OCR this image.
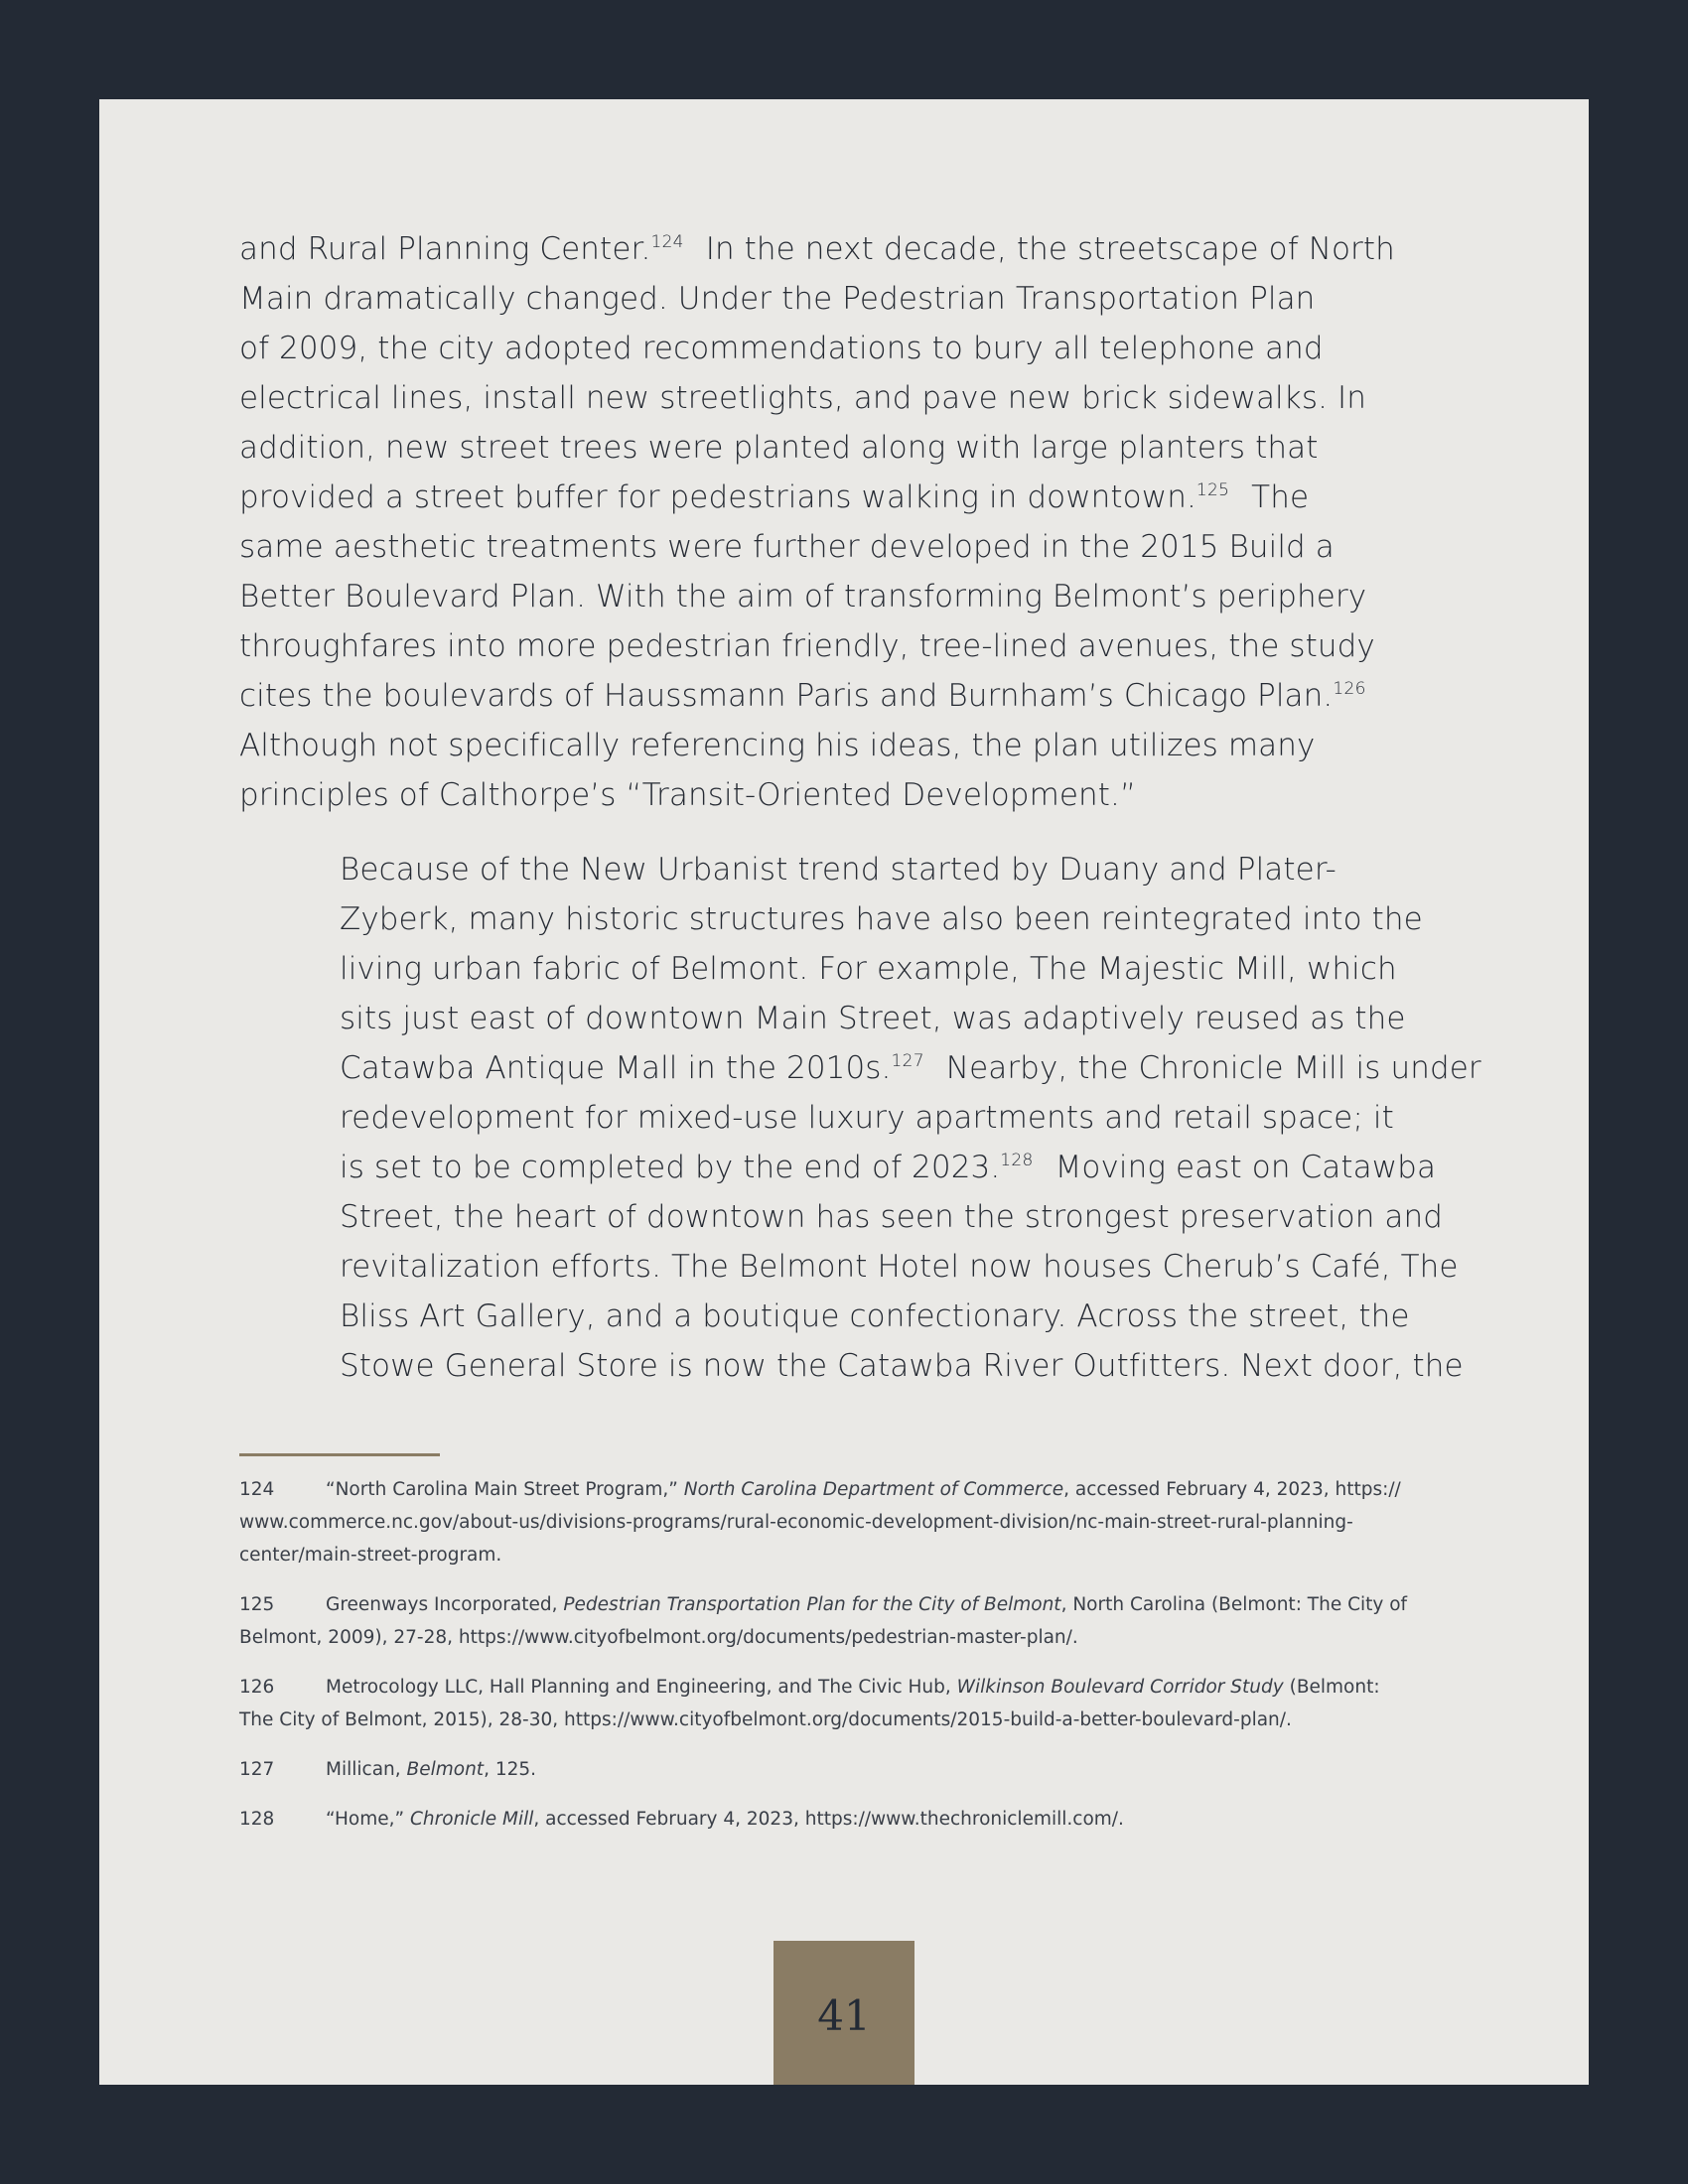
and Rural Planning Center.$^{124}$  In the next decade, the streetscape of North
Main dramatically changed. Under the Pedestrian Transportation Plan
of 2009, the city adopted recommendations to bury all telephone and
electrical lines, install new streetlights, and pave new brick sidewalks. In
addition, new street trees were planted along with large planters that
provided a street buffer for pedestrians walking in downtown.$^{125}$  The
same aesthetic treatments were further developed in the 2015 Build a
Better Boulevard Plan. With the aim of transforming Belmont’s periphery
throughfares into more pedestrian friendly, tree-lined avenues, the study
cites the boulevards of Haussmann Paris and Burnham’s Chicago Plan.$^{126}$
Although not specifically referencing his ideas, the plan utilizes many
principles of Calthorpe’s “Transit-Oriented Development.”

Because of the New Urbanist trend started by Duany and Plater-
Zyberk, many historic structures have also been reintegrated into the
living urban fabric of Belmont. For example, The Majestic Mill, which
sits just east of downtown Main Street, was adaptively reused as the
Catawba Antique Mall in the 2010s.$^{127}$  Nearby, the Chronicle Mill is under
redevelopment for mixed-use luxury apartments and retail space; it
is set to be completed by the end of 2023.$^{128}$  Moving east on Catawba
Street, the heart of downtown has seen the strongest preservation and
revitalization efforts. The Belmont Hotel now houses Cherub’s Café, The
Bliss Art Gallery, and a boutique confectionary. Across the street, the
Stowe General Store is now the Catawba River Outfitters. Next door, the

124	“North Carolina Main Street Program,” North Carolina Department of Commerce, accessed February 4, 2023, https://
www.commerce.nc.gov/about-us/divisions-programs/rural-economic-development-division/nc-main-street-rural-planning-
center/main-street-program.
125	Greenways Incorporated, Pedestrian Transportation Plan for the City of Belmont, North Carolina (Belmont: The City of
Belmont, 2009), 27-28, https://www.cityofbelmont.org/documents/pedestrian-master-plan/.
126	Metrocology LLC, Hall Planning and Engineering, and The Civic Hub, Wilkinson Boulevard Corridor Study (Belmont:
The City of Belmont, 2015), 28-30, https://www.cityofbelmont.org/documents/2015-build-a-better-boulevard-plan/.
127	Millican, Belmont, 125.
128	“Home,” Chronicle Mill, accessed February 4, 2023, https://www.thechroniclemill.com/.
41
